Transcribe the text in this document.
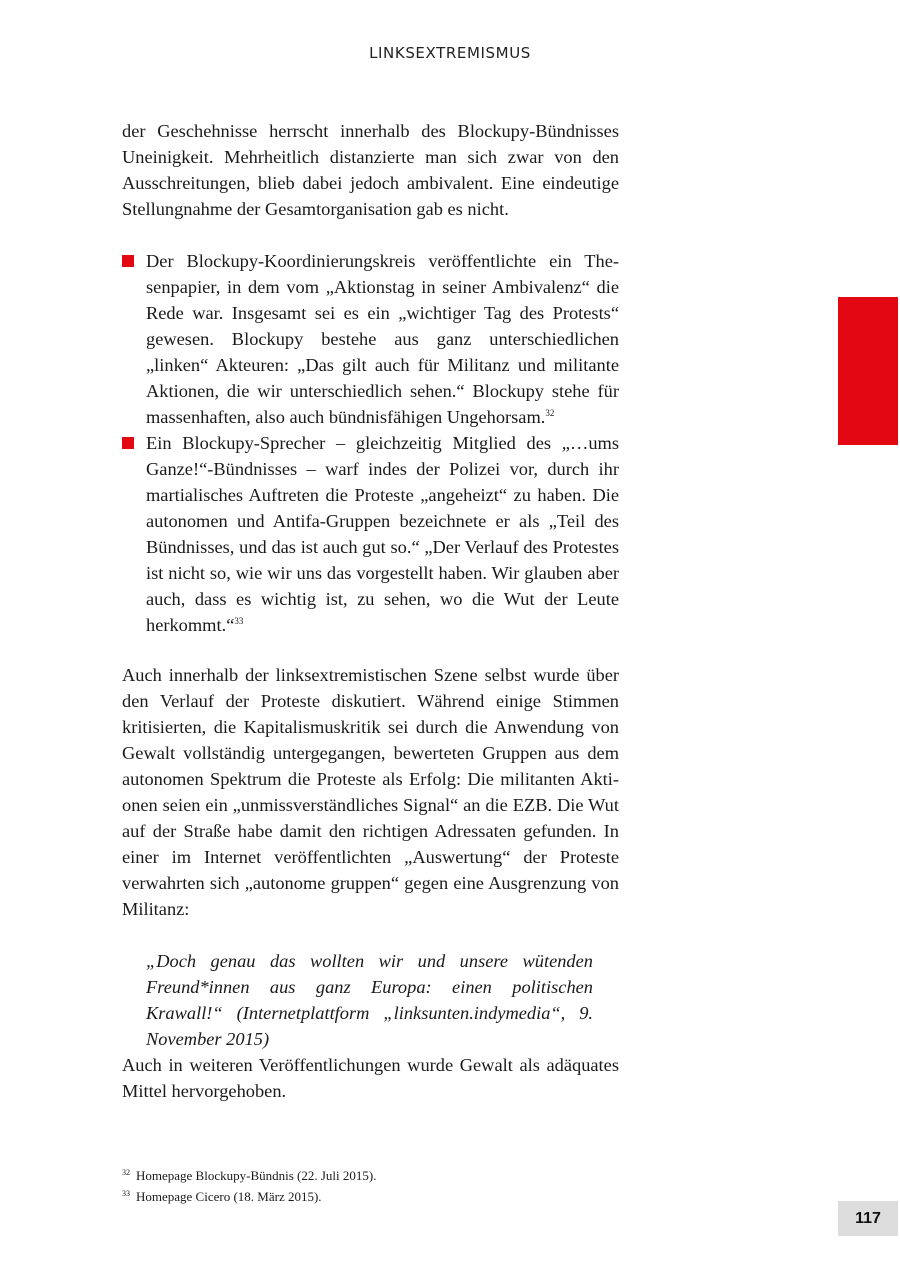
LINKSEXTREMISMUS

der Geschehnisse herrscht innerhalb des Blockupy-Bündnisses Uneinigkeit. Mehrheitlich distanzierte man sich zwar von den Ausschreitungen, blieb dabei jedoch ambivalent. Eine eindeutige Stellungnahme der Gesamtorganisation gab es nicht.

Der Blockupy-Koordinierungskreis veröffentlichte ein Thesenpapier, in dem vom „Aktionstag in seiner Ambivalenz“ die Rede war. Insgesamt sei es ein „wichtiger Tag des Protests“ gewesen. Blockupy bestehe aus ganz unterschiedlichen „linken“ Akteuren: „Das gilt auch für Militanz und militante Aktionen, die wir unterschiedlich sehen.“ Blockupy stehe für massenhaften, also auch bündnisfähigen Ungehorsam.$^{32}$
Ein Blockupy-Sprecher – gleichzeitig Mitglied des „…ums Ganze!“-Bündnisses – warf indes der Polizei vor, durch ihr martialisches Auftreten die Proteste „angeheizt“ zu haben. Die autonomen und Antifa-Gruppen bezeichnete er als „Teil des Bündnisses, und das ist auch gut so.“ „Der Verlauf des Protestes ist nicht so, wie wir uns das vorgestellt haben. Wir glauben aber auch, dass es wichtig ist, zu sehen, wo die Wut der Leute herkommt.“$^{33}$

Auch innerhalb der linksextremistischen Szene selbst wurde über den Verlauf der Proteste diskutiert. Während einige Stimmen kritisierten, die Kapitalismuskritik sei durch die Anwendung von Gewalt vollständig untergegangen, bewerteten Gruppen aus dem autonomen Spektrum die Proteste als Erfolg: Die militanten Aktionen seien ein „unmissverständliches Signal“ an die EZB. Die Wut auf der Straße habe damit den richtigen Adressaten gefunden. In einer im Internet veröffentlichten „Auswertung“ der Proteste verwahrten sich „autonome gruppen“ gegen eine Ausgrenzung von Militanz:

„Doch genau das wollten wir und unsere wütenden Freund*innen aus ganz Europa: einen politischen Krawall!“ (Internetplattform „linksunten.indymedia“, 9. November 2015)

Auch in weiteren Veröffentlichungen wurde Gewalt als adäquates Mittel hervorgehoben.

$^{32}$ Homepage Blockupy-Bündnis (22. Juli 2015).
$^{33}$ Homepage Cicero (18. März 2015).
117
